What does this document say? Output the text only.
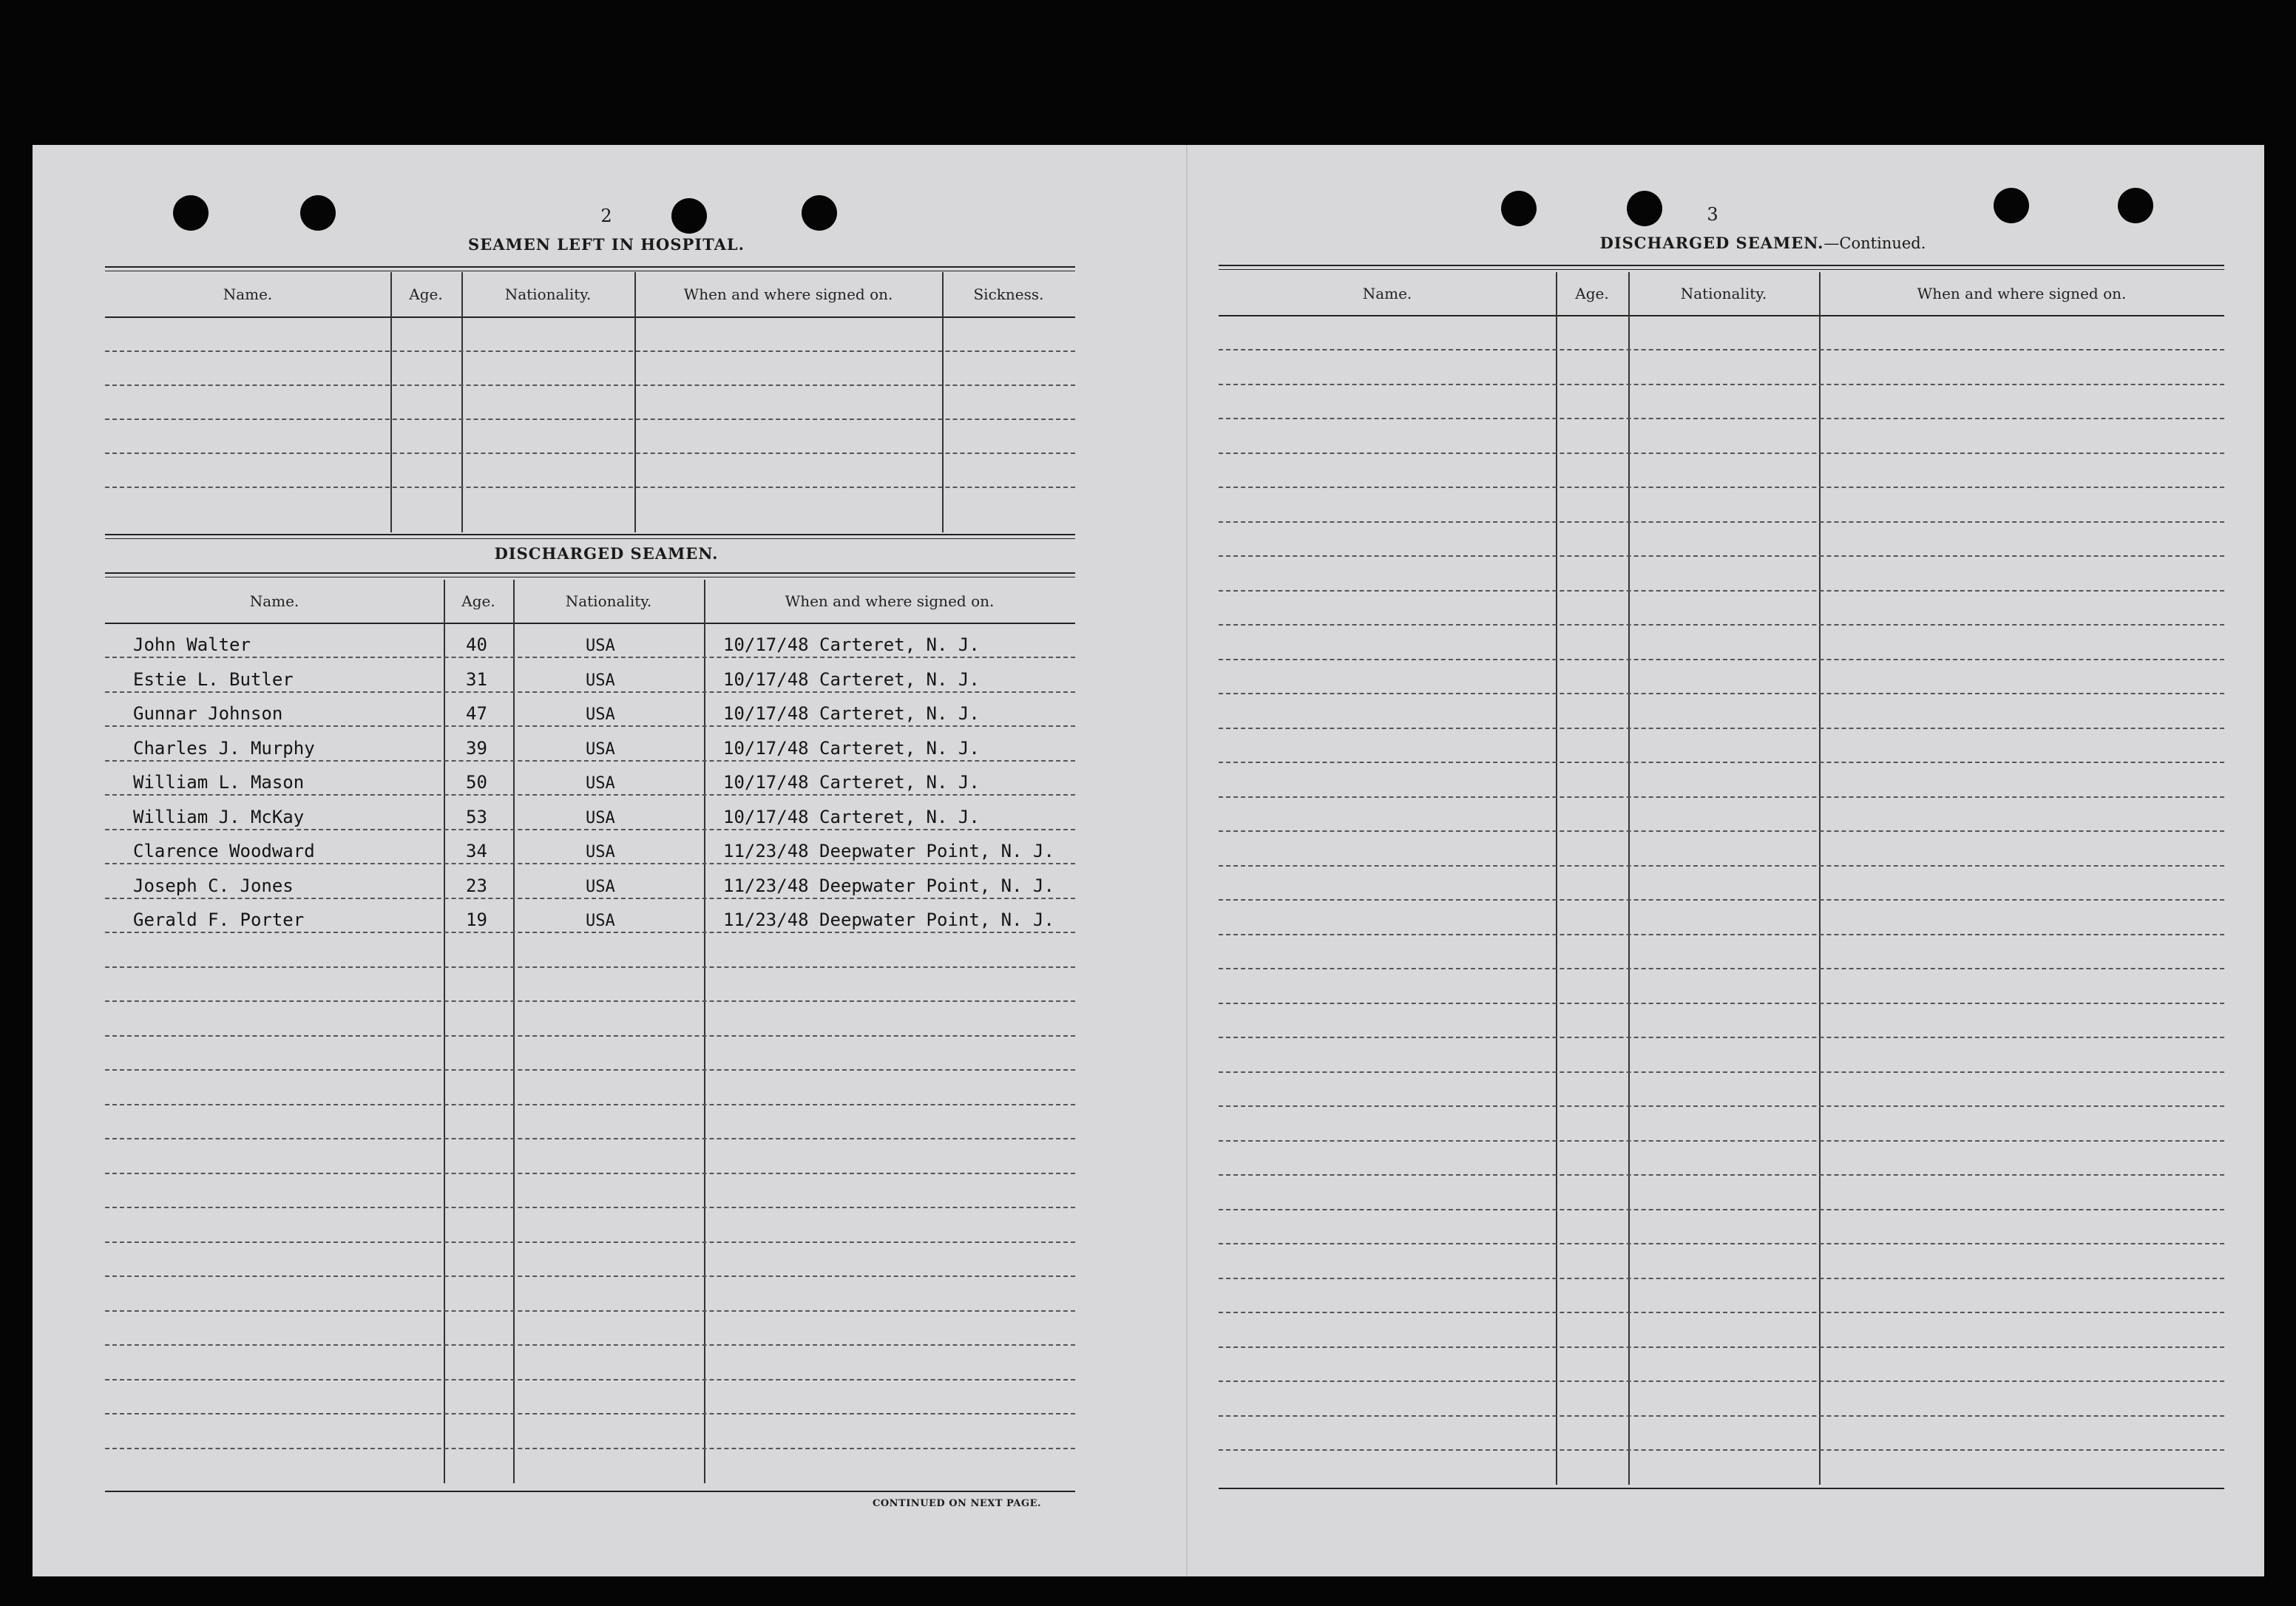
2
SEAMEN LEFT IN HOSPITAL.
Name.	Age.	Nationality.	When and where signed on.	Sickness.
DISCHARGED SEAMEN.
Name.	Age.	Nationality.	When and where signed on.
John Walter	40	USA	10/17/48 Carteret, N. J.
Estie L. Butler	31	USA	10/17/48 Carteret, N. J.
Gunnar Johnson	47	USA	10/17/48 Carteret, N. J.
Charles J. Murphy	39	USA	10/17/48 Carteret, N. J.
William L. Mason	50	USA	10/17/48 Carteret, N. J.
William J. McKay	53	USA	10/17/48 Carteret, N. J.
Clarence Woodward	34	USA	11/23/48 Deepwater Point, N. J.
Joseph C. Jones	23	USA	11/23/48 Deepwater Point, N. J.
Gerald F. Porter	19	USA	11/23/48 Deepwater Point, N. J.
CONTINUED ON NEXT PAGE.
3
DISCHARGED SEAMEN.—Continued.
Name.	Age.	Nationality.	When and where signed on.
